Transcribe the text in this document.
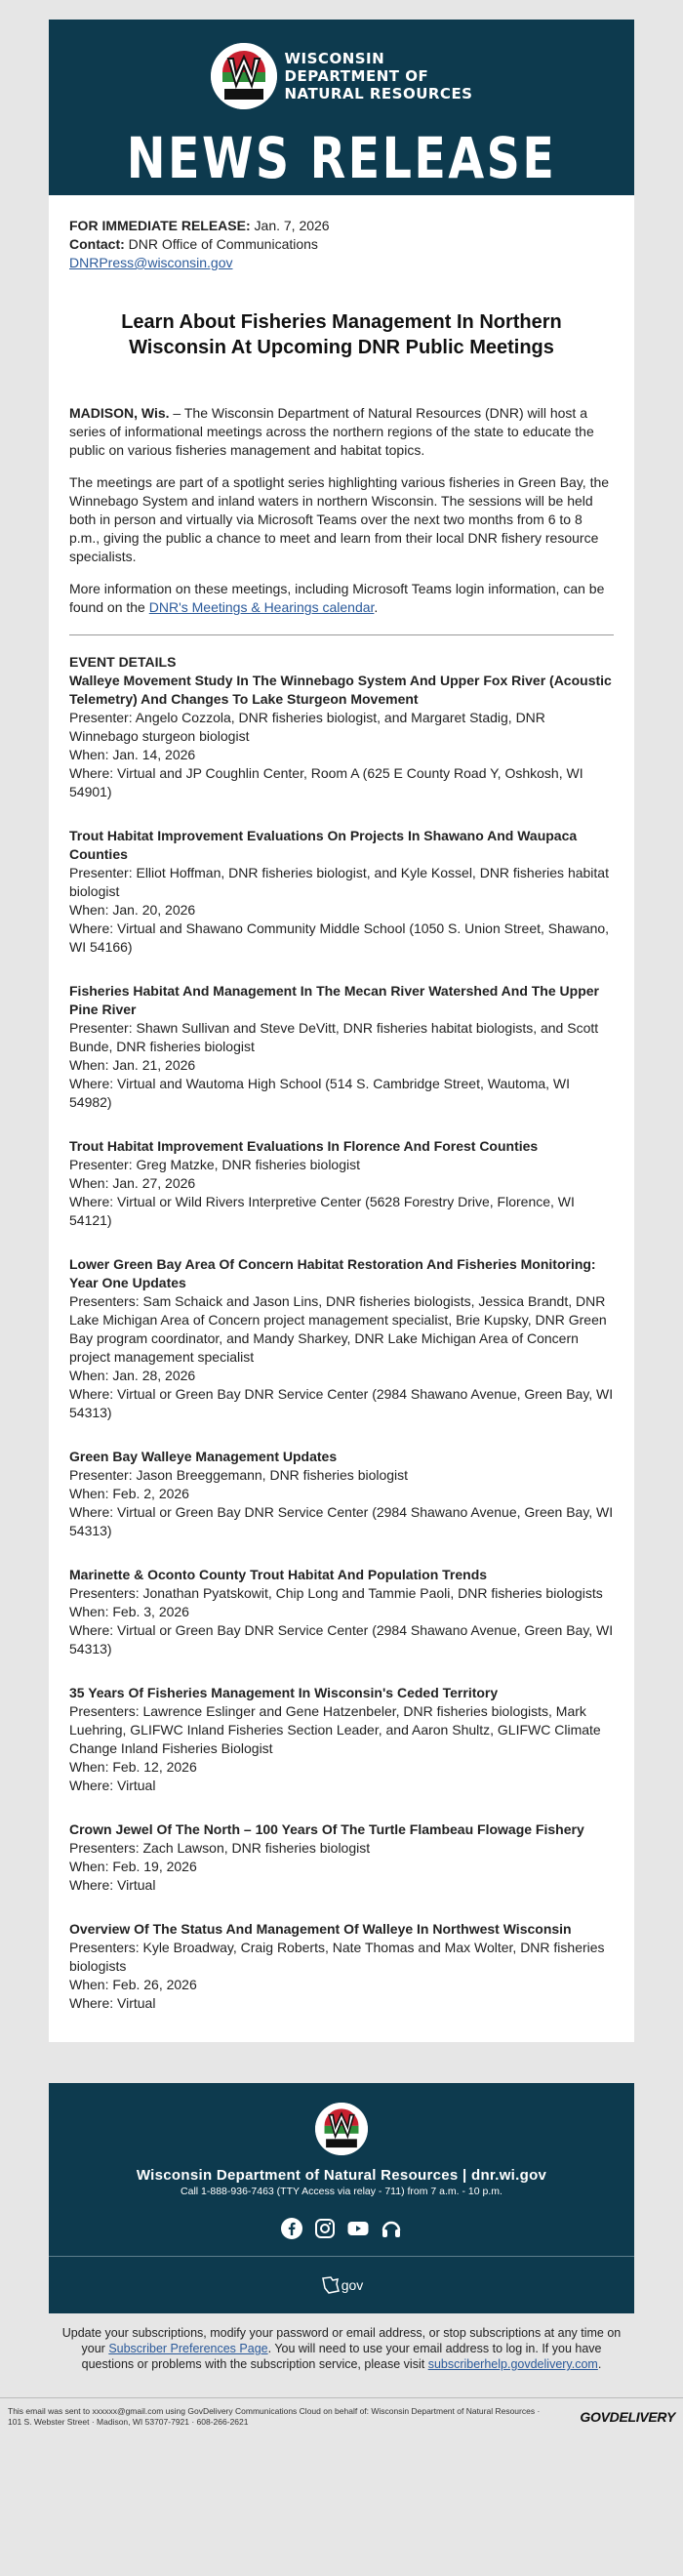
WISCONSIN
DEPARTMENT OF
NATURAL RESOURCES
NEWS RELEASE

FOR IMMEDIATE RELEASE: Jan. 7, 2026

Contact: DNR Office of Communications

DNRPress@wisconsin.gov

Learn About Fisheries Management In Northern Wisconsin At Upcoming DNR Public Meetings

MADISON, Wis. – The Wisconsin Department of Natural Resources (DNR) will host a series of informational meetings across the northern regions of the state to educate the public on various fisheries management and habitat topics.

The meetings are part of a spotlight series highlighting various fisheries in Green Bay, the Winnebago System and inland waters in northern Wisconsin. The sessions will be held both in person and virtually via Microsoft Teams over the next two months from 6 to 8 p.m., giving the public a chance to meet and learn from their local DNR fishery resource specialists.

More information on these meetings, including Microsoft Teams login information, can be found on the DNR's Meetings & Hearings calendar.

EVENT DETAILS
Walleye Movement Study In The Winnebago System And Upper Fox River (Acoustic Telemetry) And Changes To Lake Sturgeon Movement
Presenter: Angelo Cozzola, DNR fisheries biologist, and Margaret Stadig, DNR Winnebago sturgeon biologist
When: Jan. 14, 2026
Where: Virtual and JP Coughlin Center, Room A (625 E County Road Y, Oshkosh, WI 54901)
Trout Habitat Improvement Evaluations On Projects In Shawano And Waupaca Counties
Presenter: Elliot Hoffman, DNR fisheries biologist, and Kyle Kossel, DNR fisheries habitat biologist
When: Jan. 20, 2026
Where: Virtual and Shawano Community Middle School (1050 S. Union Street, Shawano, WI 54166)
Fisheries Habitat And Management In The Mecan River Watershed And The Upper Pine River
Presenter: Shawn Sullivan and Steve DeVitt, DNR fisheries habitat biologists, and Scott Bunde, DNR fisheries biologist
When: Jan. 21, 2026
Where: Virtual and Wautoma High School (514 S. Cambridge Street, Wautoma, WI 54982)
Trout Habitat Improvement Evaluations In Florence And Forest Counties
Presenter: Greg Matzke, DNR fisheries biologist
When: Jan. 27, 2026
Where: Virtual or Wild Rivers Interpretive Center (5628 Forestry Drive, Florence, WI 54121)
Lower Green Bay Area Of Concern Habitat Restoration And Fisheries Monitoring: Year One Updates
Presenters: Sam Schaick and Jason Lins, DNR fisheries biologists, Jessica Brandt, DNR Lake Michigan Area of Concern project management specialist, Brie Kupsky, DNR Green Bay program coordinator, and Mandy Sharkey, DNR Lake Michigan Area of Concern project management specialist
When: Jan. 28, 2026
Where: Virtual or Green Bay DNR Service Center (2984 Shawano Avenue, Green Bay, WI 54313)
Green Bay Walleye Management Updates
Presenter: Jason Breeggemann, DNR fisheries biologist
When: Feb. 2, 2026
Where: Virtual or Green Bay DNR Service Center (2984 Shawano Avenue, Green Bay, WI 54313)
Marinette & Oconto County Trout Habitat And Population Trends
Presenters: Jonathan Pyatskowit, Chip Long and Tammie Paoli, DNR fisheries biologists
When: Feb. 3, 2026
Where: Virtual or Green Bay DNR Service Center (2984 Shawano Avenue, Green Bay, WI 54313)
35 Years Of Fisheries Management In Wisconsin's Ceded Territory
Presenters: Lawrence Eslinger and Gene Hatzenbeler, DNR fisheries biologists, Mark Luehring, GLIFWC Inland Fisheries Section Leader, and Aaron Shultz, GLIFWC Climate Change Inland Fisheries Biologist
When: Feb. 12, 2026
Where: Virtual
Crown Jewel Of The North – 100 Years Of The Turtle Flambeau Flowage Fishery
Presenters: Zach Lawson, DNR fisheries biologist
When: Feb. 19, 2026
Where: Virtual
Overview Of The Status And Management Of Walleye In Northwest Wisconsin
Presenters: Kyle Broadway, Craig Roberts, Nate Thomas and Max Wolter, DNR fisheries biologists
When: Feb. 26, 2026
Where: Virtual
Wisconsin Department of Natural Resources | dnr.wi.gov
Call 1-888-936-7463 (TTY Access via relay - 711) from 7 a.m. - 10 p.m.
gov
Update your subscriptions, modify your password or email address, or stop subscriptions at any time on your Subscriber Preferences Page. You will need to use your email address to log in. If you have questions or problems with the subscription service, please visit subscriberhelp.govdelivery.com.
This email was sent to xxxxxx@gmail.com using GovDelivery Communications Cloud on behalf of: Wisconsin Department of Natural Resources · 101 S. Webster Street · Madison, WI 53707-7921 · 608-266-2621	GOVDELIVERY
